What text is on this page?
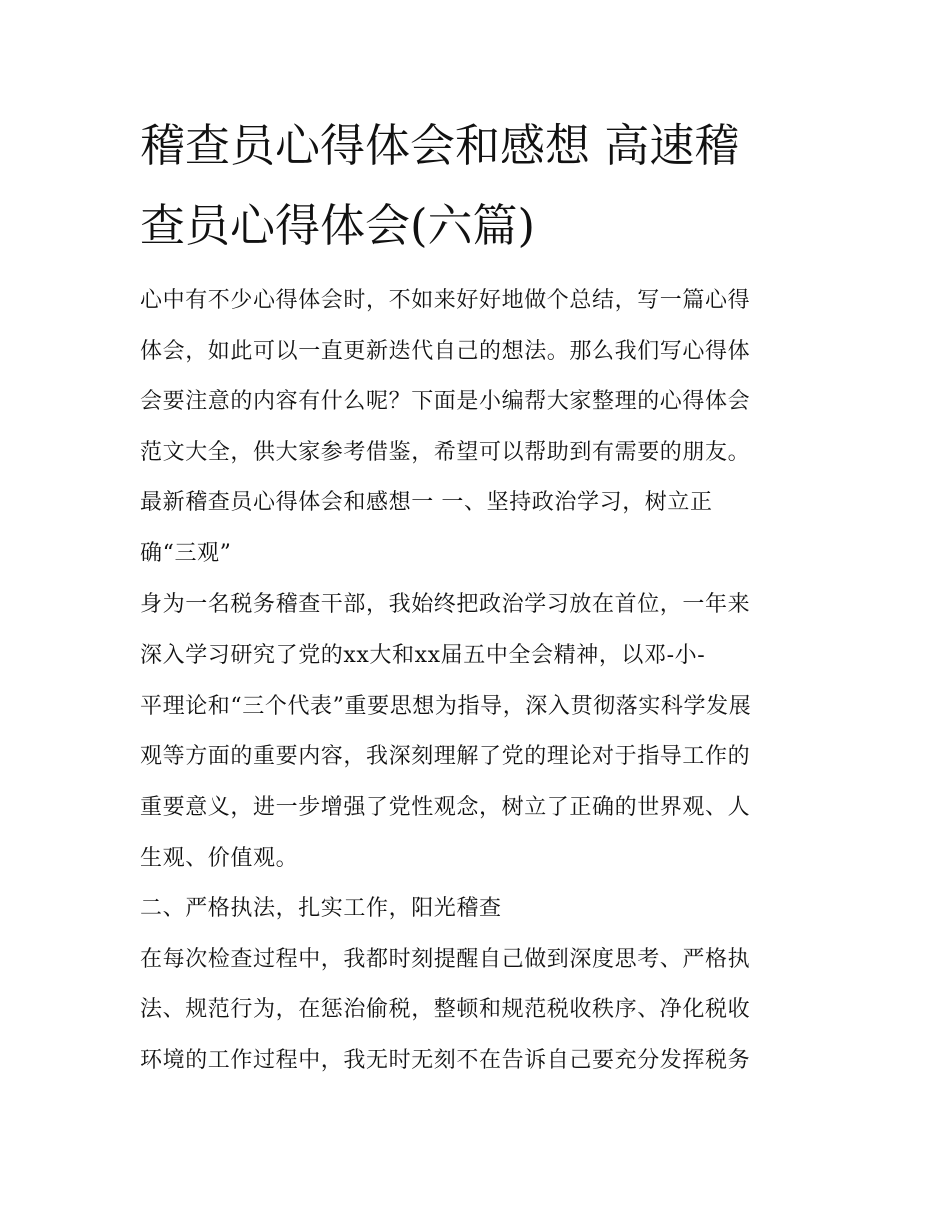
稽查员心得体会和感想 高速稽
查员心得体会(六篇)
心中有不少心得体会时，不如来好好地做个总结，写一篇心得
体会，如此可以一直更新迭代自己的想法。那么我们写心得体
会要注意的内容有什么呢？下面是小编帮大家整理的心得体会
范文大全，供大家参考借鉴，希望可以帮助到有需要的朋友。
最新稽查员心得体会和感想一 一、坚持政治学习，树立正
确“三观”
身为一名税务稽查干部，我始终把政治学习放在首位，一年来
深入学习研究了党的xx大和xx届五中全会精神，以邓-小-
平理论和“三个代表”重要思想为指导，深入贯彻落实科学发展
观等方面的重要内容，我深刻理解了党的理论对于指导工作的
重要意义，进一步增强了党性观念，树立了正确的世界观、人
生观、价值观。
二、严格执法，扎实工作，阳光稽查
在每次检查过程中，我都时刻提醒自己做到深度思考、严格执
法、规范行为，在惩治偷税，整顿和规范税收秩序、净化税收
环境的工作过程中，我无时无刻不在告诉自己要充分发挥税务
